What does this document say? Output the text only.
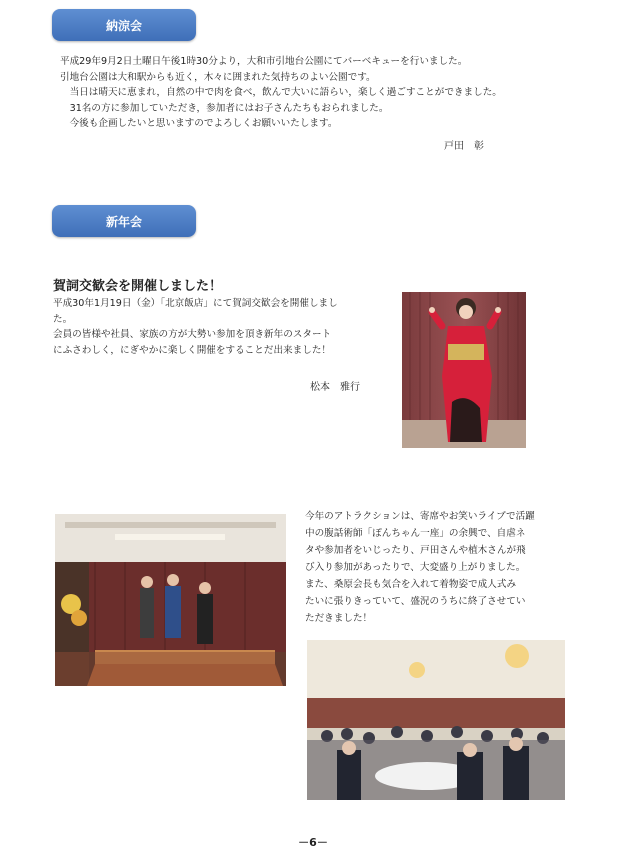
納涼会
平成29年9月2日土曜日午後1時30分より，大和市引地台公園にてバーベキューを行いました。
引地台公園は大和駅からも近く，木々に囲まれた気持ちのよい公園です。
　当日は晴天に恵まれ，自然の中で肉を食べ，飲んで大いに語らい，楽しく過ごすことができました。
　31名の方に参加していただき，参加者にはお子さんたちもおられました。
　今後も企画したいと思いますのでよろしくお願いいたします。
戸田　彰
新年会
賀詞交歓会を開催しました！
平成30年1月19日（金）「北京飯店」にて賀詞交歓会を開催しまし
た。
会員の皆様や社員、家族の方が大勢い参加を頂き新年のスタート
にふさわしく，にぎやかに楽しく開催をすることだ出来ました！
松本　雅行
今年のアトラクションは、寄席やお笑いライブで活躍
中の腹話術師「ぽんちゃん一座」の余興で、自虐ネ
タや参加者をいじったり、戸田さんや植木さんが飛
び入り参加があったりで、大変盛り上がりました。
また、桑原会長も気合を入れて着物姿で成人式み
たいに張りきっていて、盛況のうちに終了させてい
ただきました！
－6－
